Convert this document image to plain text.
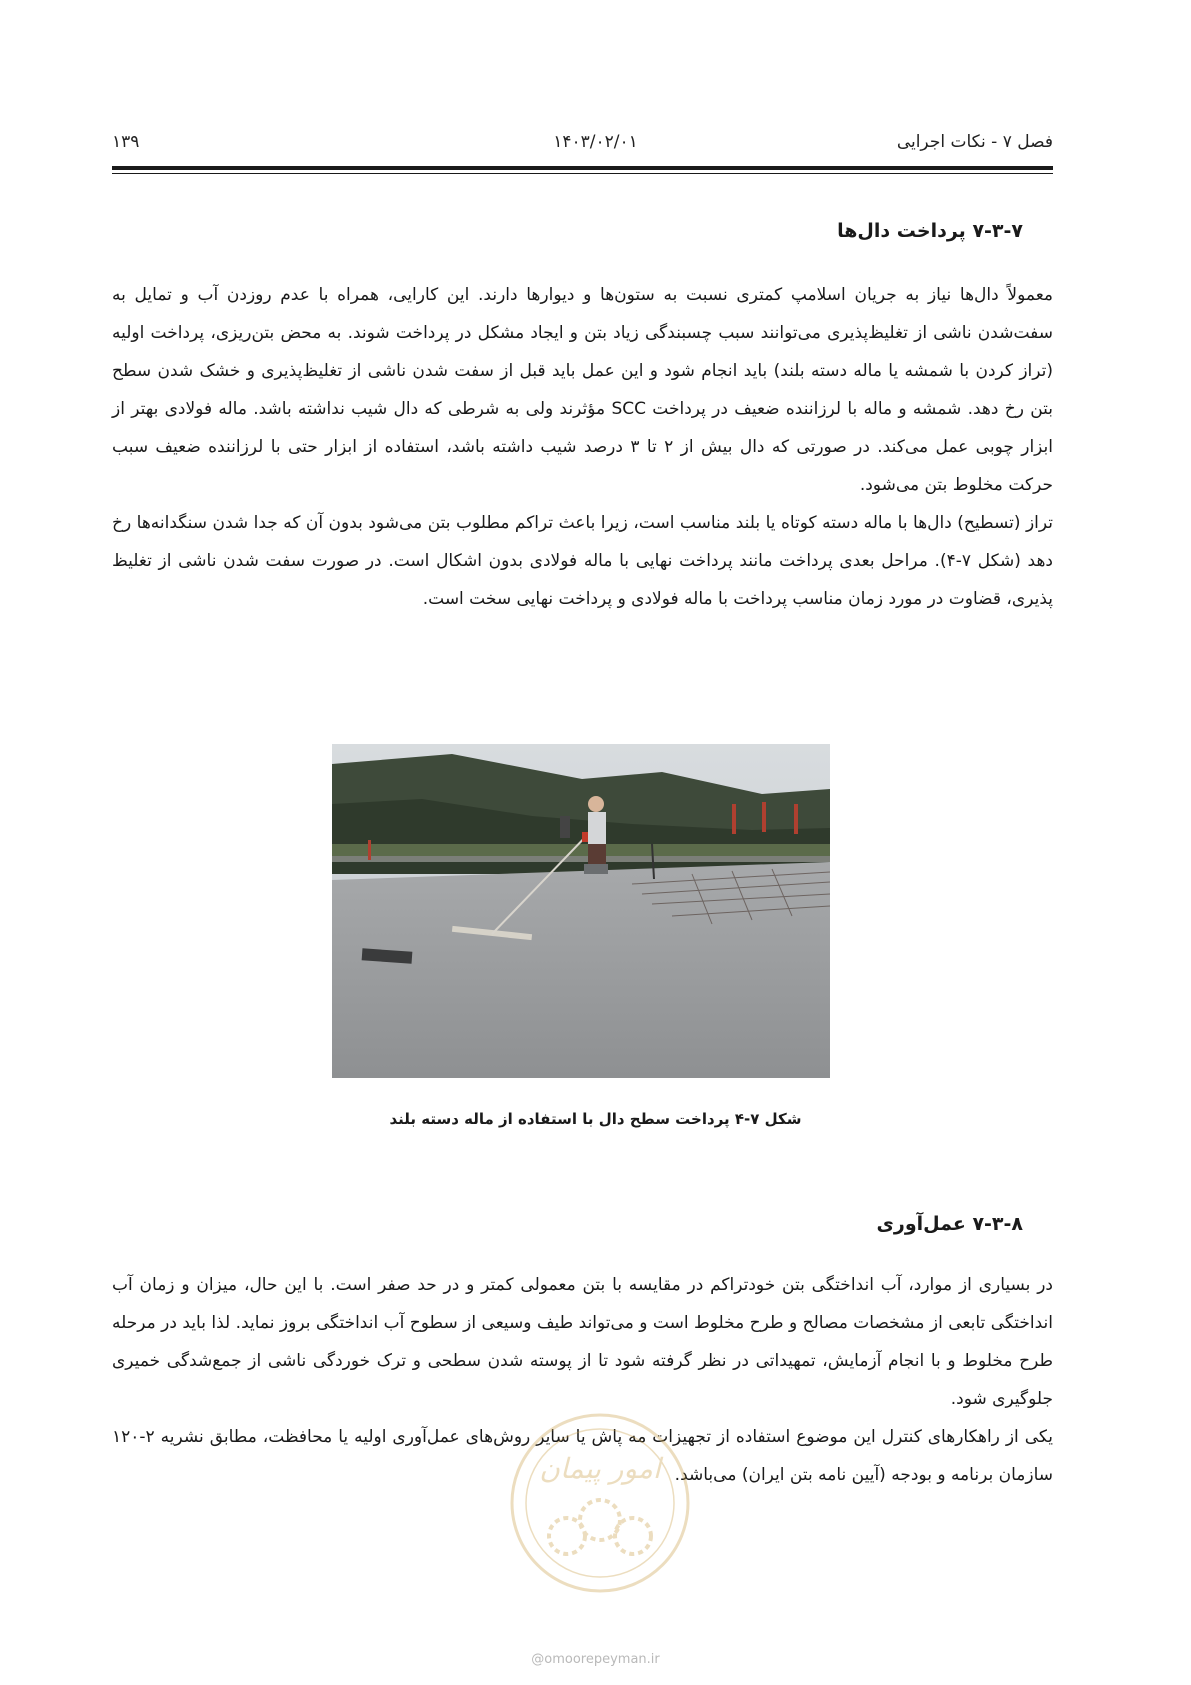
فصل ۷ - نکات اجرایی
۱۴۰۳/۰۲/۰۱
۱۳۹
۷-۳-۷ پرداخت دال‌ها

معمولاً دال‌ها نیاز به جریان اسلامپ کمتری نسبت به ستون‌ها و دیوارها دارند. این کارایی، همراه با عدم روزدن آب و تمایل به سفت‌شدن ناشی از تغلیظ‌پذیری می‌توانند سبب چسبندگی زیاد بتن و ایجاد مشکل در پرداخت شوند. به محض بتن‌ریزی، پرداخت اولیه (تراز کردن با شمشه یا ماله دسته بلند) باید انجام شود و این عمل باید قبل از سفت شدن ناشی از تغلیظ‌پذیری و خشک شدن سطح بتن رخ دهد. شمشه و ماله با لرزاننده ضعیف در پرداخت SCC مؤثرند ولی به شرطی که دال شیب نداشته باشد. ماله فولادی بهتر از ابزار چوبی عمل می‌کند. در صورتی که دال بیش از ۲ تا ۳ درصد شیب داشته باشد، استفاده از ابزار حتی با لرزاننده ضعیف سبب حرکت مخلوط بتن می‌شود.

تراز (تسطیح) دال‌ها با ماله دسته کوتاه یا بلند مناسب است، زیرا باعث تراکم مطلوب بتن می‌شود بدون آن که جدا شدن سنگدانه‌ها رخ دهد (شکل ۷-۴). مراحل بعدی پرداخت مانند پرداخت نهایی با ماله فولادی بدون اشکال است. در صورت سفت شدن ناشی از تغلیظ پذیری، قضاوت در مورد زمان مناسب پرداخت با ماله فولادی و پرداخت نهایی سخت است.

شکل ۷-۴ پرداخت سطح دال با استفاده از ماله دسته بلند
۷-۳-۸ عمل‌آوری

در بسیاری از موارد، آب انداختگی بتن خودتراکم در مقایسه با بتن معمولی کمتر و در حد صفر است. با این حال، میزان و زمان آب انداختگی تابعی از مشخصات مصالح و طرح مخلوط است و می‌تواند طیف وسیعی از سطوح آب انداختگی بروز نماید. لذا باید در مرحله طرح مخلوط و با انجام آزمایش، تمهیداتی در نظر گرفته شود تا از پوسته شدن سطحی و ترک خوردگی ناشی از جمع‌شدگی خمیری جلوگیری شود.

یکی از راهکارهای کنترل این موضوع استفاده از تجهیزات مه پاش یا سایر روش‌های عمل‌آوری اولیه یا محافظت، مطابق نشریه ۲-۱۲۰ سازمان برنامه و بودجه (آیین نامه بتن ایران) می‌باشد.

امور پیمان
@omoorepeyman.ir
